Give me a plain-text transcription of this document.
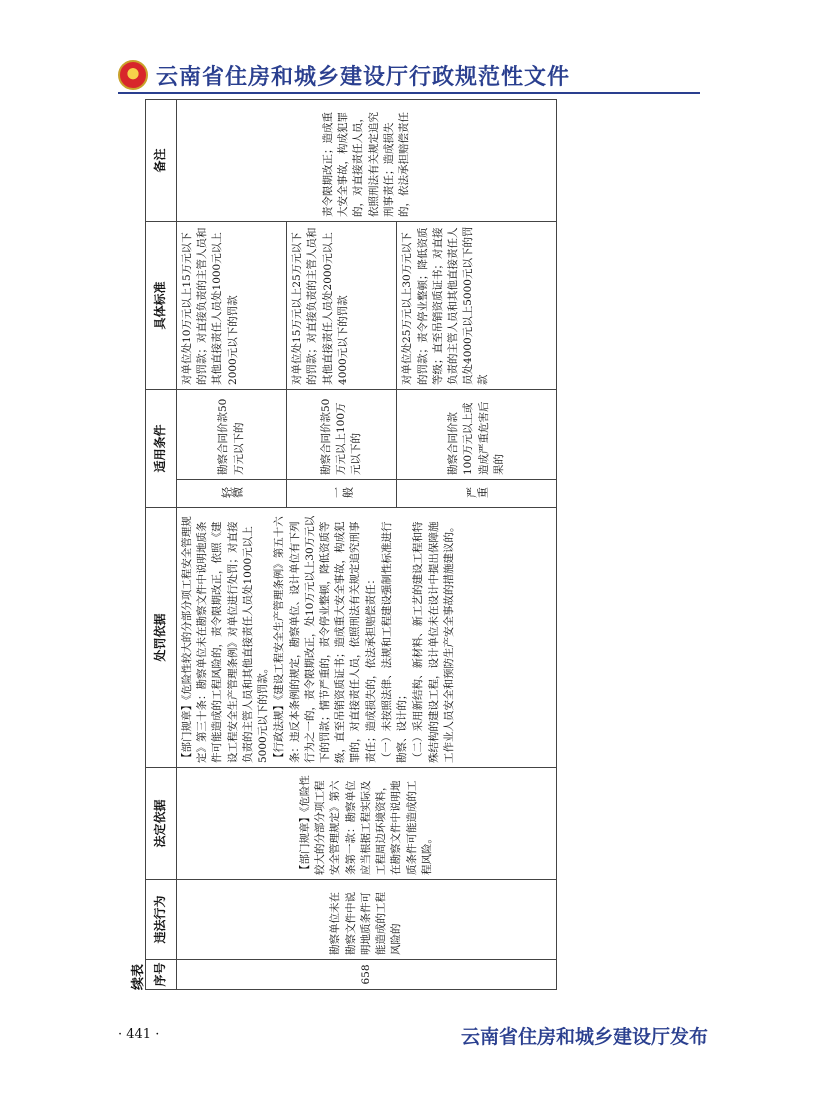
云南省住房和城乡建设厅行政规范性文件
续表 序号	违法行为	法定依据	处罚依据	适用条件		具体标准	备注
658	勘察单位未在勘察文件中说明地质条件可能造成的工程风险的	【部门规章】《危险性较大的分部分项工程安全管理规定》第六条第一款：勘察单位应当根据工程实际及工程周边环境资料，在勘察文件中说明地质条件可能造成的工程风险。	【部门规章】《危险性较大的分部分项工程安全管理规定》第三十条：勘察单位未在勘察文件中说明地质条件可能造成的工程风险的，责令限期改正，依照《建设工程安全生产管理条例》对单位进行处罚；对直接负责的主管人员和其他直接责任人员处1000元以上5000元以下的罚款。 【行政法规】《建设工程安全生产管理条例》第五十六条：违反本条例的规定，勘察单位、设计单位有下列行为之一的，责令限期改正，处10万元以上30万元以下的罚款；情节严重的，责令停业整顿，降低资质等级，直至吊销资质证书；造成重大安全事故，构成犯罪的，对直接责任人员，依照刑法有关规定追究刑事责任；造成损失的，依法承担赔偿责任： （一）未按照法律、法规和工程建设强制性标准进行勘察、设计的； （二）采用新结构、新材料、新工艺的建设工程和特殊结构的建设工程，设计单位未在设计中提出保障施工作业人员安全和预防生产安全事故的措施建议的。	轻微	勘察合同价款50万元以下的	对单位处10万元以上15万元以下的罚款；对直接负责的主管人员和其他直接责任人员处1000元以上2000元以下的罚款	责令限期改正；造成重大安全事故，构成犯罪的，对直接责任人员，依照刑法有关规定追究刑事责任；造成损失的，依法承担赔偿责任

				一般	勘察合同价款50万元以上100万元以下的	对单位处15万元以上25万元以下的罚款；对直接负责的主管人员和其他直接责任人员处2000元以上4000元以下的罚款	

				严重	勘察合同价款100万元以上或造成严重危害后果的	对单位处25万元以上30万元以下的罚款；责令停业整顿；降低资质等级；直至吊销资质证书；对直接负责的主管人员和其他直接责任人员处4000元以上5000元以下的罚款	
· 441 ·	云南省住房和城乡建设厅发布
